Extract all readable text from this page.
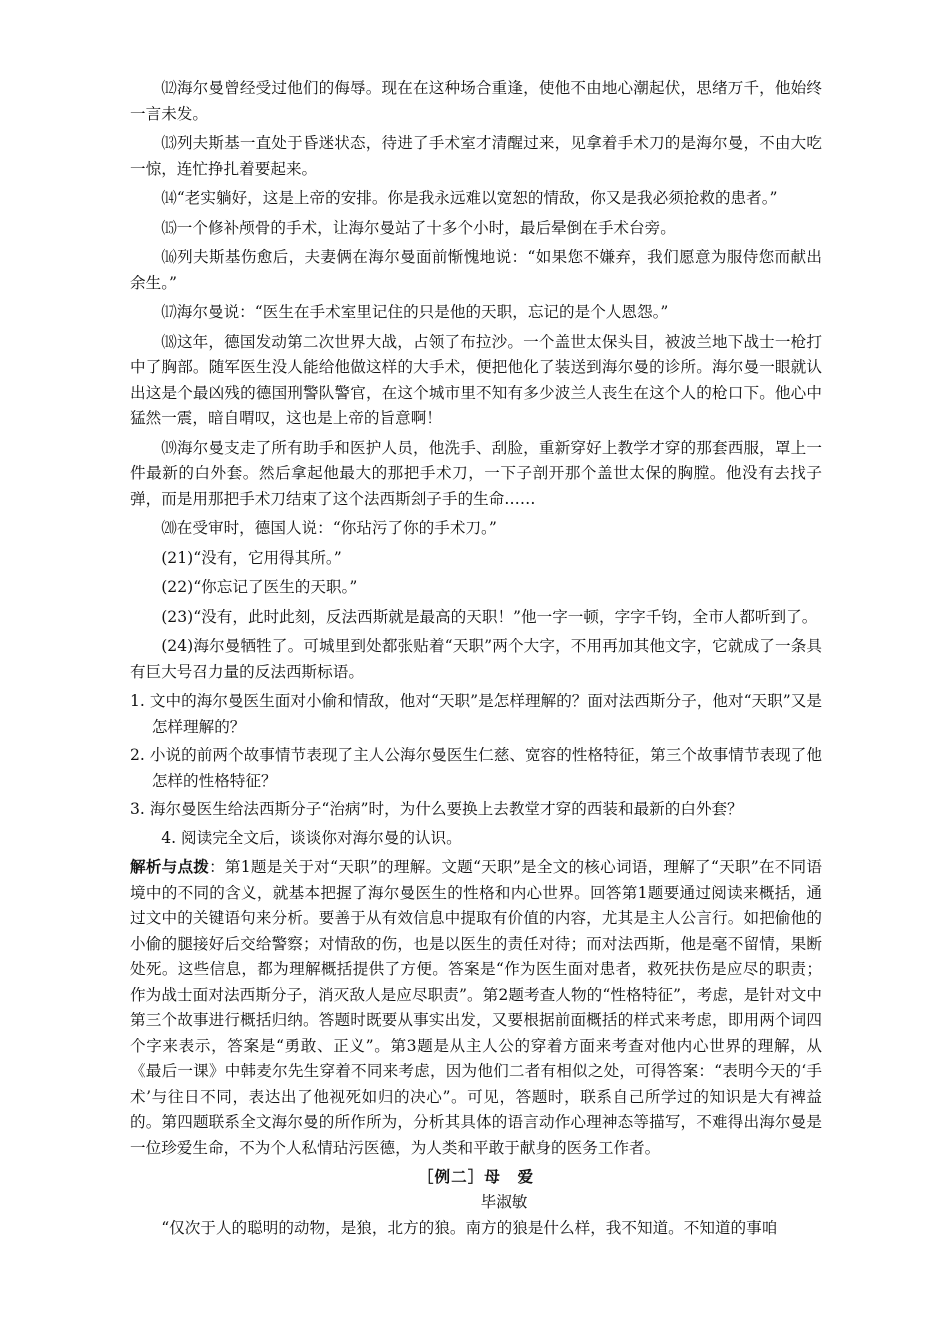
⑿海尔曼曾经受过他们的侮辱。现在在这种场合重逢，使他不由地心潮起伏，思绪万千，他始终一言未发。

⒀列夫斯基一直处于昏迷状态，待进了手术室才清醒过来，见拿着手术刀的是海尔曼，不由大吃一惊，连忙挣扎着要起来。

⒁“老实躺好，这是上帝的安排。你是我永远难以宽恕的情敌，你又是我必须抢救的患者。”

⒂一个修补颅骨的手术，让海尔曼站了十多个小时，最后晕倒在手术台旁。

⒃列夫斯基伤愈后，夫妻俩在海尔曼面前惭愧地说：“如果您不嫌弃，我们愿意为服侍您而献出余生。”

⒄海尔曼说：“医生在手术室里记住的只是他的天职，忘记的是个人恩怨。”

⒅这年，德国发动第二次世界大战，占领了布拉沙。一个盖世太保头目，被波兰地下战士一枪打中了胸部。随军医生没人能给他做这样的大手术，便把他化了装送到海尔曼的诊所。海尔曼一眼就认出这是个最凶残的德国刑警队警官，在这个城市里不知有多少波兰人丧生在这个人的枪口下。他心中猛然一震，暗自喟叹，这也是上帝的旨意啊！

⒆海尔曼支走了所有助手和医护人员，他洗手、刮脸，重新穿好上教学才穿的那套西服，罩上一件最新的白外套。然后拿起他最大的那把手术刀，一下子剖开那个盖世太保的胸膛。他没有去找子弹，而是用那把手术刀结束了这个法西斯刽子手的生命……

⒇在受审时，德国人说：“你玷污了你的手术刀。”

(21)“没有，它用得其所。”

(22)“你忘记了医生的天职。”

(23)“没有，此时此刻，反法西斯就是最高的天职！”他一字一顿，字字千钧，全市人都听到了。

(24)海尔曼牺牲了。可城里到处都张贴着“天职”两个大字，不用再加其他文字，它就成了一条具有巨大号召力量的反法西斯标语。

1. 文中的海尔曼医生面对小偷和情敌，他对“天职”是怎样理解的？面对法西斯分子，他对“天职”又是怎样理解的？

2. 小说的前两个故事情节表现了主人公海尔曼医生仁慈、宽容的性格特征，第三个故事情节表现了他怎样的性格特征？

3. 海尔曼医生给法西斯分子“治病”时，为什么要换上去教堂才穿的西装和最新的白外套？

4. 阅读完全文后，谈谈你对海尔曼的认识。

解析与点拨：第1题是关于对“天职”的理解。文题“天职”是全文的核心词语，理解了“天职”在不同语境中的不同的含义，就基本把握了海尔曼医生的性格和内心世界。回答第1题要通过阅读来概括，通过文中的关键语句来分析。要善于从有效信息中提取有价值的内容，尤其是主人公言行。如把偷他的小偷的腿接好后交给警察；对情敌的伤，也是以医生的责任对待；而对法西斯，他是毫不留情，果断处死。这些信息，都为理解概括提供了方便。答案是“作为医生面对患者，救死扶伤是应尽的职责；作为战士面对法西斯分子，消灭敌人是应尽职责”。第2题考查人物的“性格特征”，考虑，是针对文中第三个故事进行概括归纳。答题时既要从事实出发，又要根据前面概括的样式来考虑，即用两个词四个字来表示，答案是“勇敢、正义”。第3题是从主人公的穿着方面来考查对他内心世界的理解，从《最后一课》中韩麦尔先生穿着不同来考虑，因为他们二者有相似之处，可得答案：“表明今天的‘手术’与往日不同，表达出了他视死如归的决心”。可见，答题时，联系自己所学过的知识是大有裨益的。第四题联系全文海尔曼的所作所为，分析其具体的语言动作心理神态等描写，不难得出海尔曼是一位珍爱生命，不为个人私情玷污医德，为人类和平敢于献身的医务工作者。

［例二］母　爱

毕淑敏

“仅次于人的聪明的动物，是狼，北方的狼。南方的狼是什么样，我不知道。不知道的事咱
